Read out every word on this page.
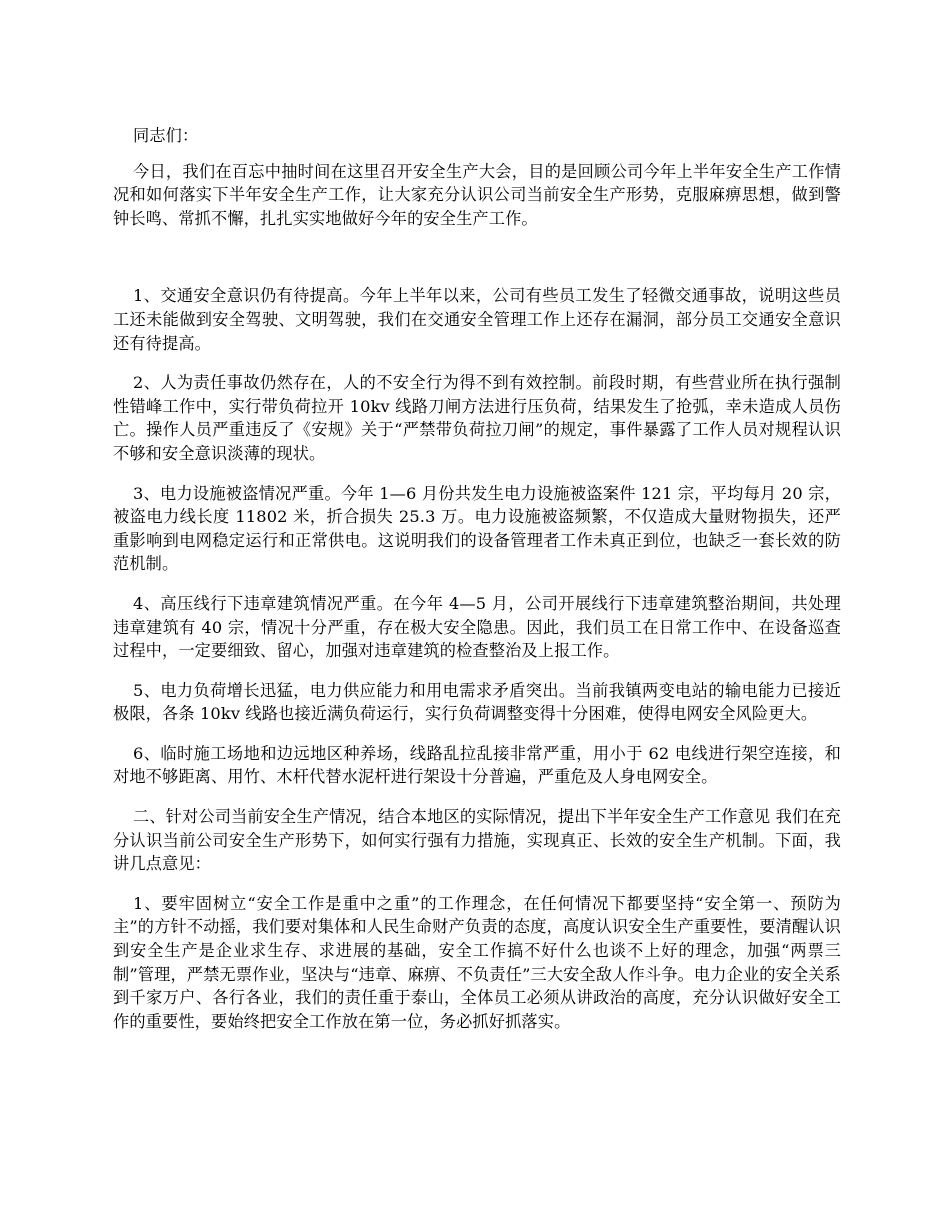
同志们：

今日，我们在百忘中抽时间在这里召开安全生产大会，目的是回顾公司今年上半年安全生产工作情况和如何落实下半年安全生产工作，让大家充分认识公司当前安全生产形势，克服麻痹思想，做到警钟长鸣、常抓不懈，扎扎实实地做好今年的安全生产工作。

1、交通安全意识仍有待提高。今年上半年以来，公司有些员工发生了轻微交通事故，说明这些员工还未能做到安全驾驶、文明驾驶，我们在交通安全管理工作上还存在漏洞，部分员工交通安全意识还有待提高。

2、人为责任事故仍然存在，人的不安全行为得不到有效控制。前段时期，有些营业所在执行强制性错峰工作中，实行带负荷拉开 10kv 线路刀闸方法进行压负荷，结果发生了抢弧，幸未造成人员伤亡。操作人员严重违反了《安规》关于“严禁带负荷拉刀闸”的规定，事件暴露了工作人员对规程认识不够和安全意识淡薄的现状。

3、电力设施被盗情况严重。今年 1—6 月份共发生电力设施被盗案件 121 宗，平均每月 20 宗，被盗电力线长度 11802 米，折合损失 25.3 万。电力设施被盗频繁，不仅造成大量财物损失，还严重影响到电网稳定运行和正常供电。这说明我们的设备管理者工作未真正到位，也缺乏一套长效的防范机制。

4、高压线行下违章建筑情况严重。在今年 4—5 月，公司开展线行下违章建筑整治期间，共处理违章建筑有 40 宗，情况十分严重，存在极大安全隐患。因此，我们员工在日常工作中、在设备巡查过程中，一定要细致、留心，加强对违章建筑的检查整治及上报工作。

5、电力负荷增长迅猛，电力供应能力和用电需求矛盾突出。当前我镇两变电站的输电能力已接近极限，各条 10kv 线路也接近满负荷运行，实行负荷调整变得十分困难，使得电网安全风险更大。

6、临时施工场地和边远地区种养场，线路乱拉乱接非常严重，用小于 62 电线进行架空连接，和对地不够距离、用竹、木杆代替水泥杆进行架设十分普遍，严重危及人身电网安全。

二、针对公司当前安全生产情况，结合本地区的实际情况，提出下半年安全生产工作意见 我们在充分认识当前公司安全生产形势下，如何实行强有力措施，实现真正、长效的安全生产机制。下面，我讲几点意见：

1、要牢固树立“安全工作是重中之重”的工作理念，在任何情况下都要坚持“安全第一、预防为主”的方针不动摇，我们要对集体和人民生命财产负责的态度，高度认识安全生产重要性，要清醒认识到安全生产是企业求生存、求进展的基础，安全工作搞不好什么也谈不上好的理念，加强“两票三制”管理，严禁无票作业，坚决与“违章、麻痹、不负责任”三大安全敌人作斗争。电力企业的安全关系到千家万户、各行各业，我们的责任重于泰山，全体员工必须从讲政治的高度，充分认识做好安全工作的重要性，要始终把安全工作放在第一位，务必抓好抓落实。
